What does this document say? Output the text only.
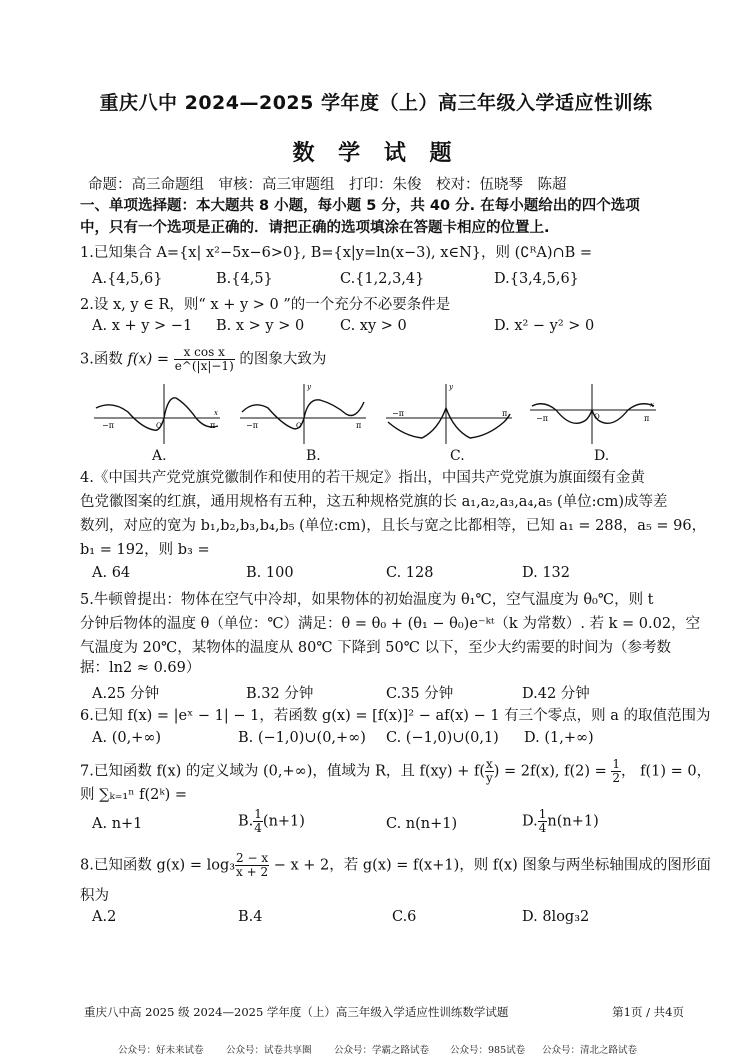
重庆八中 2024—2025 学年度（上）高三年级入学适应性训练
数 学 试 题
命题：高三命题组　审核：高三审题组　打印：朱俊　校对：伍晓琴　陈超
一、单项选择题：本大题共 8 小题，每小题 5 分，共 40 分. 在每小题给出的四个选项
中，只有一个选项是正确的．请把正确的选项填涂在答题卡相应的位置上.
1.已知集合 A={x| x²−5x−6>0}, B={x|y=ln(x−3), x∈N}，则 (∁ᴿA)∩B =
A.{4,5,6}	B.{4,5}	C.{1,2,3,4}	D.{3,4,5,6}
2.设 x, y ∈ R，则“ x + y > 0 ”的一个充分不必要条件是
A. x + y > −1 B. x > y > 0 C. xy > 0	D. x² − y² > 0
3.函数 $f(x) = \frac{\text{x cos x}}{e\^{}(|x|-1)}$ 的图象大致为
−π	π
O
x
−π	π
O
y
−π	π
y
−π	π
O
x
A.	B.	C.	D.
4.《中国共产党党旗党徽制作和使用的若干规定》指出，中国共产党党旗为旗面缀有金黄
色党徽图案的红旗，通用规格有五种，这五种规格党旗的长 a₁,a₂,a₃,a₄,a₅ (单位:cm)成等差
数列，对应的宽为 b₁,b₂,b₃,b₄,b₅ (单位:cm)，且长与宽之比都相等，已知 a₁ = 288，a₅ = 96，
b₁ = 192，则 b₃ =
A. 64	B. 100	C. 128	D. 132
5.牛顿曾提出：物体在空气中冷却，如果物体的初始温度为 θ₁℃，空气温度为 θ₀℃，则 t
分钟后物体的温度 θ（单位：℃）满足：θ = θ₀ + (θ₁ − θ₀)e⁻ᵏᵗ（k 为常数）. 若 k = 0.02，空
气温度为 20℃，某物体的温度从 80℃ 下降到 50℃ 以下，至少大约需要的时间为（参考数
据：ln2 ≈ 0.69）
A.25 分钟	B.32 分钟	C.35 分钟	D.42 分钟
6.已知 f(x) = |eˣ − 1| − 1，若函数 g(x) = [f(x)]² − af(x) − 1 有三个零点，则 a 的取值范围为
A. (0,+∞)	B. (−1,0)∪(0,+∞) C. (−1,0)∪(0,1) D. (1,+∞)
7.已知函数 f(x) 的定义域为 (0,+∞)，值域为 R，且 $f(xy) + f( \frac{x}{y}$ ) = 2f(x), $f(2) = \frac{1}{2}$ ， f(1) = 0，
则 ∑ₖ₌₁ⁿ f(2ᵏ) =
A. n+1	B. $\frac{1}{4} (n+1)$	C. n(n+1)	D. $\frac{1}{4} n(n+1)$
8.已知函数 $g(x) = \log_3 \frac{2 - x}{x + 2} - x + 2$，若 g(x) = f(x+1)，则 f(x) 图象与两坐标轴围成的图形面
积为
A.2	B.4	C.6	D. 8log₃2
重庆八中高 2025 级 2024—2025 学年度（上）高三年级入学适应性训练数学试题	第1页 / 共4页
公众号：好未来试卷 公众号：试卷共享圈 公众号：学霸之路试卷 公众号：985试卷 公众号：清北之路试卷
